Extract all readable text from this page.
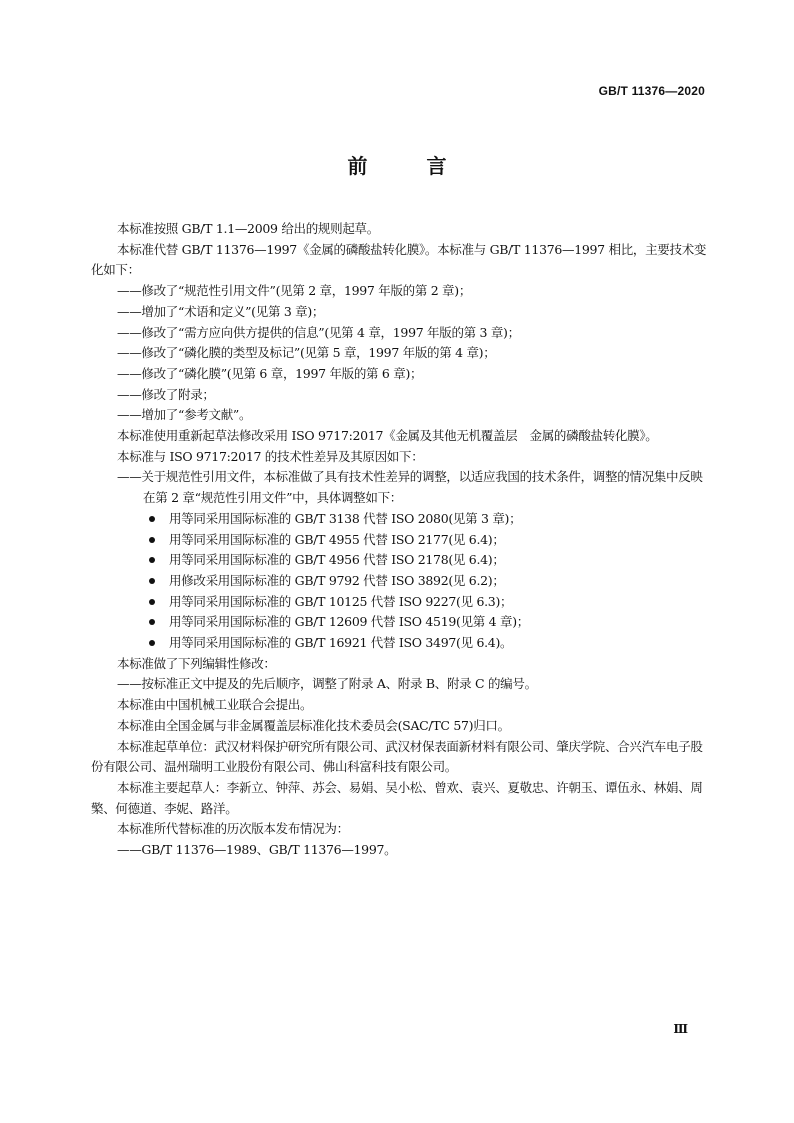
GB/T 11376—2020
前 言

本标准按照 GB/T 1.1—2009 给出的规则起草。

本标准代替 GB/T 11376—1997《金属的磷酸盐转化膜》。本标准与 GB/T 11376—1997 相比，主要技术变化如下：

——修改了“规范性引用文件”(见第 2 章，1997 年版的第 2 章)；

——增加了“术语和定义”(见第 3 章)；

——修改了“需方应向供方提供的信息”(见第 4 章，1997 年版的第 3 章)；

——修改了“磷化膜的类型及标记”(见第 5 章，1997 年版的第 4 章)；

——修改了“磷化膜”(见第 6 章，1997 年版的第 6 章)；

——修改了附录；

——增加了“参考文献”。

本标准使用重新起草法修改采用 ISO 9717:2017《金属及其他无机覆盖层　金属的磷酸盐转化膜》。

本标准与 ISO 9717:2017 的技术性差异及其原因如下：

——关于规范性引用文件，本标准做了具有技术性差异的调整，以适应我国的技术条件，调整的情况集中反映在第 2 章“规范性引用文件”中，具体调整如下：

用等同采用国际标准的 GB/T 3138 代替 ISO 2080(见第 3 章)；
用等同采用国际标准的 GB/T 4955 代替 ISO 2177(见 6.4)；
用等同采用国际标准的 GB/T 4956 代替 ISO 2178(见 6.4)；
用修改采用国际标准的 GB/T 9792 代替 ISO 3892(见 6.2)；
用等同采用国际标准的 GB/T 10125 代替 ISO 9227(见 6.3)；
用等同采用国际标准的 GB/T 12609 代替 ISO 4519(见第 4 章)；
用等同采用国际标准的 GB/T 16921 代替 ISO 3497(见 6.4)。

本标准做了下列编辑性修改：

——按标准正文中提及的先后顺序，调整了附录 A、附录 B、附录 C 的编号。

本标准由中国机械工业联合会提出。

本标准由全国金属与非金属覆盖层标准化技术委员会(SAC/TC 57)归口。

本标准起草单位：武汉材料保护研究所有限公司、武汉材保表面新材料有限公司、肇庆学院、合兴汽车电子股份有限公司、温州瑞明工业股份有限公司、佛山科富科技有限公司。

本标准主要起草人：李新立、钟萍、苏会、易娟、吴小松、曾欢、袁兴、夏敬忠、许朝玉、谭伍永、林娟、周檠、何德道、李妮、路洋。

本标准所代替标准的历次版本发布情况为：

——GB/T 11376—1989、GB/T 11376—1997。

Ⅲ
